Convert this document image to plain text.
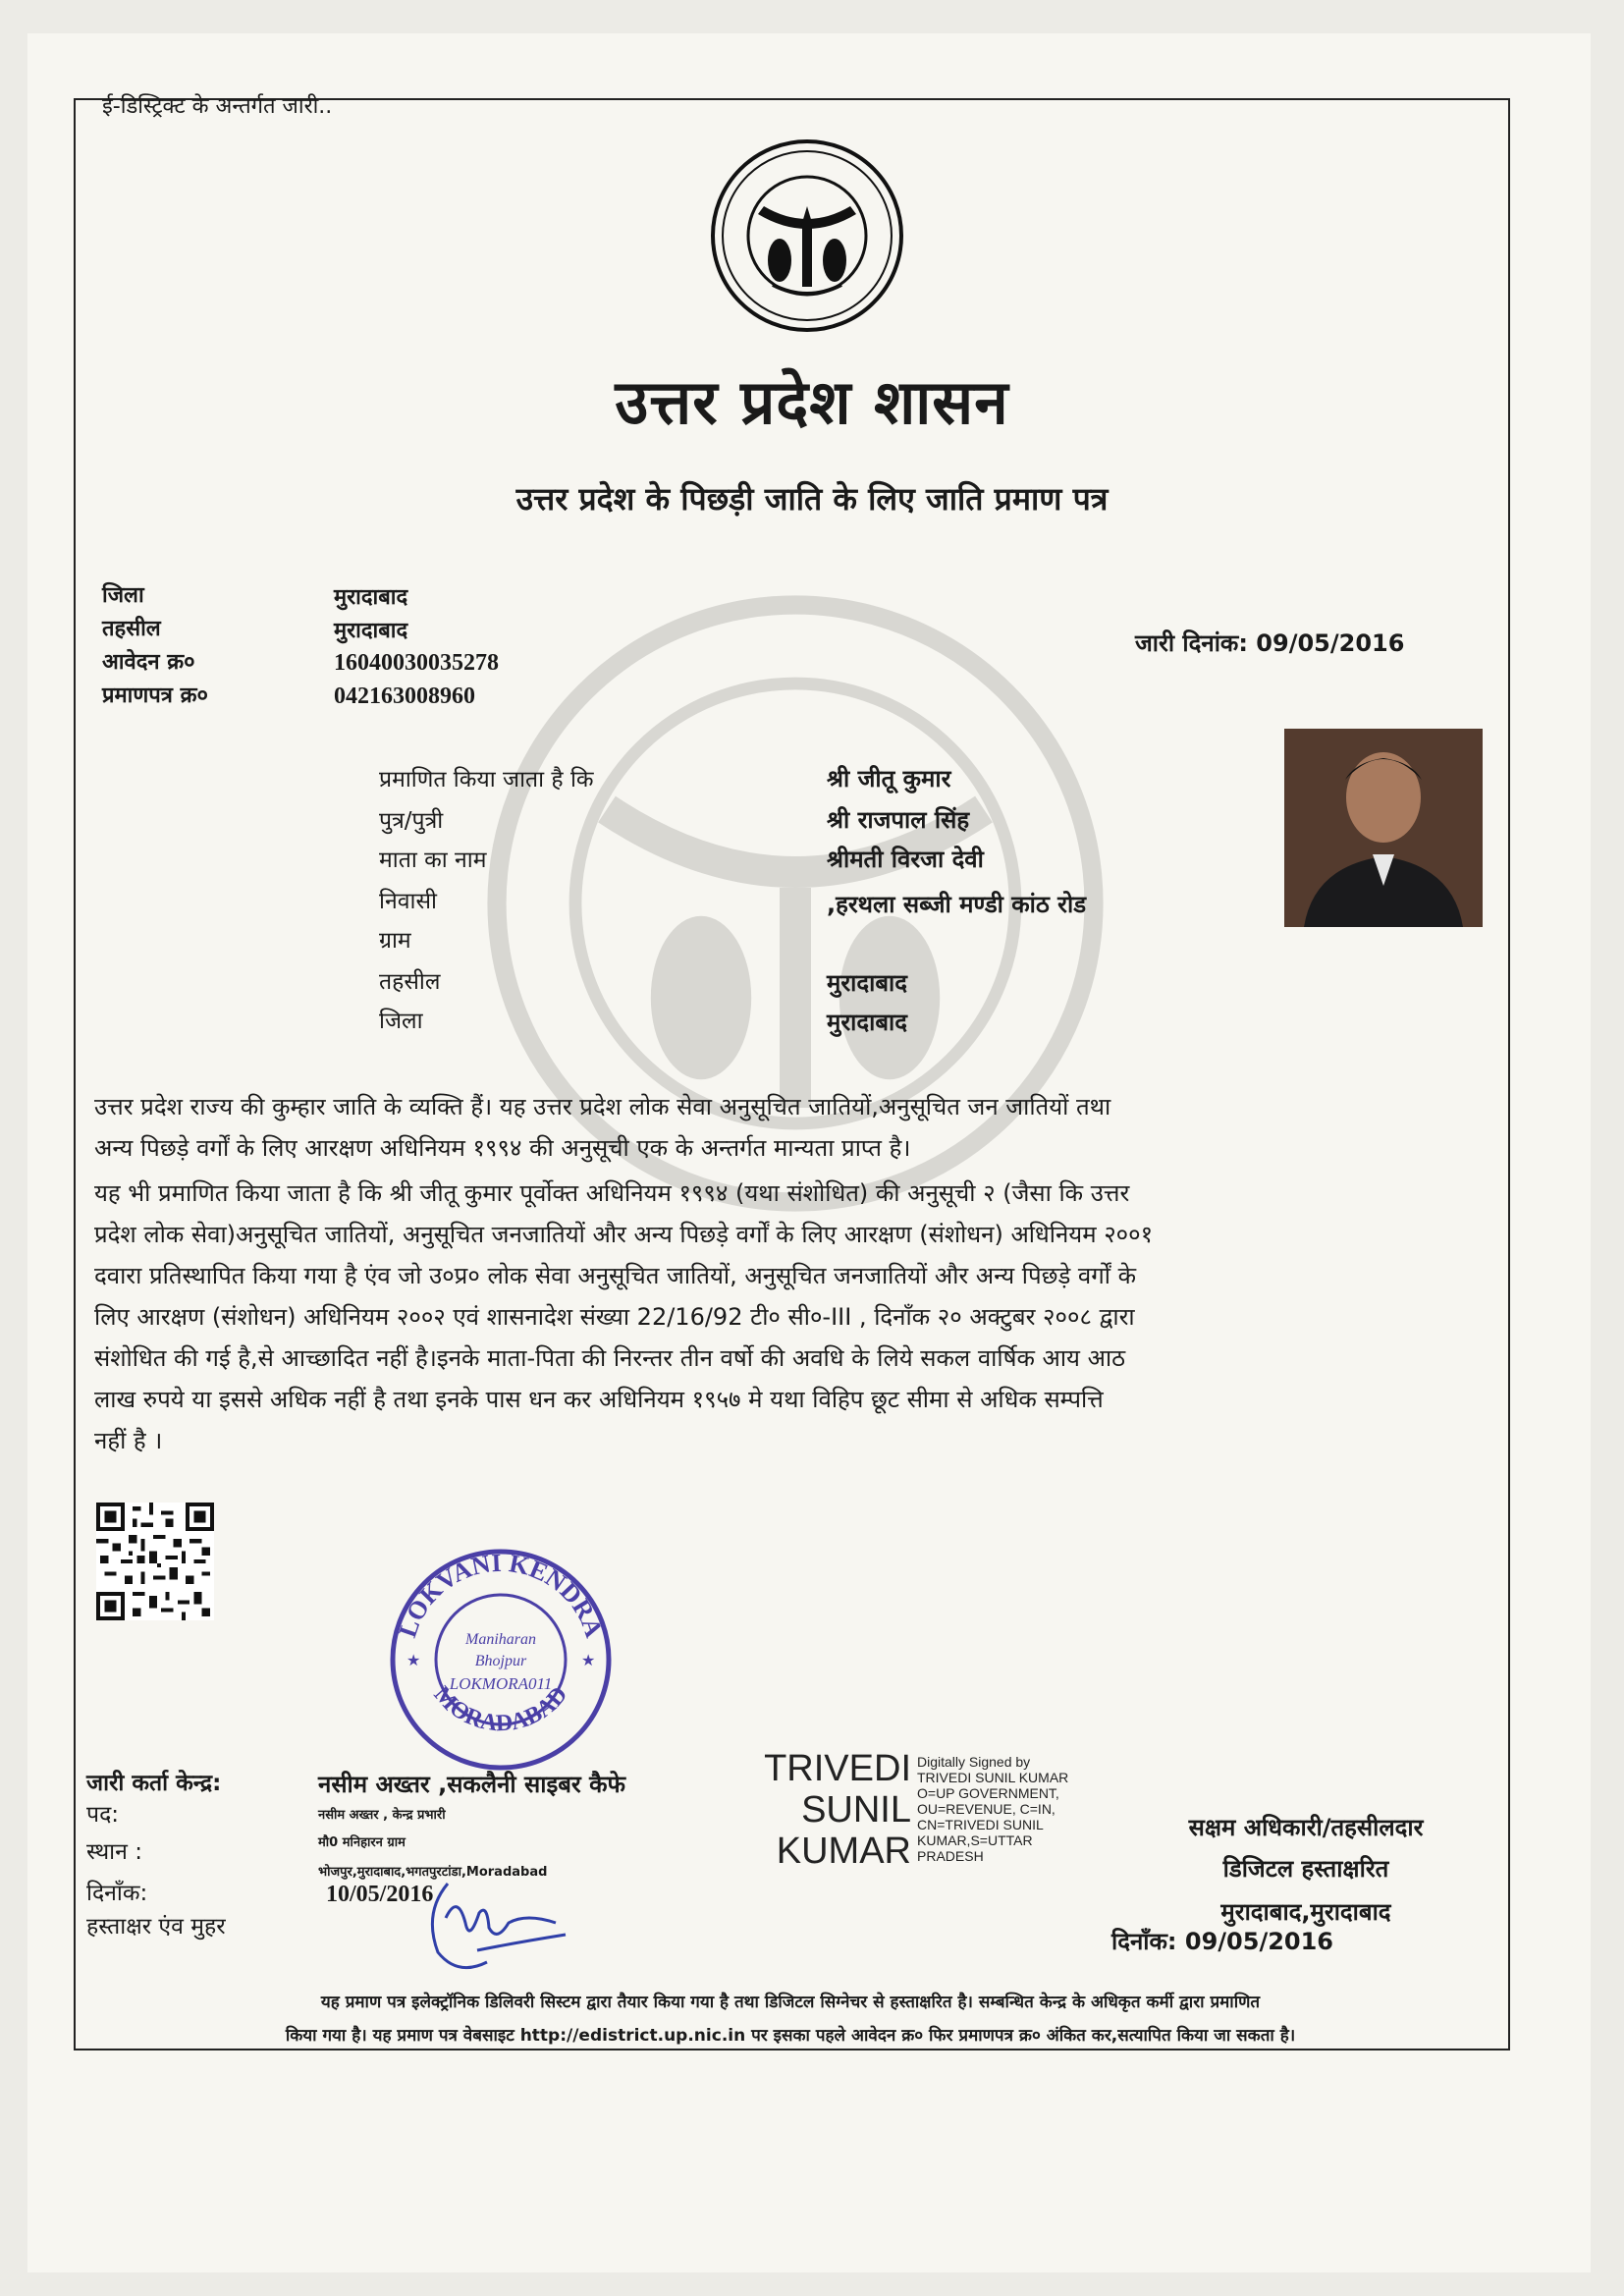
ई-डिस्ट्रिक्ट के अन्तर्गत जारी..
उत्तर प्रदेश शासन
उत्तर प्रदेश के पिछड़ी जाति के लिए जाति प्रमाण पत्र
जिला	मुरादाबाद
तहसील	मुरादाबाद
आवेदन क्र०	16040030035278
प्रमाणपत्र क्र०	042163008960
जारी दिनांक: 09/05/2016
प्रमाणित किया जाता है कि	श्री जीतू कुमार
पुत्र/पुत्री	श्री राजपाल सिंह
माता का नाम	श्रीमती विरजा देवी
निवासी	,हरथला सब्जी मण्डी कांठ रोड
ग्राम
तहसील	मुरादाबाद
जिला	मुरादाबाद
उत्तर प्रदेश राज्य की कुम्हार जाति के व्यक्ति हैं। यह उत्तर प्रदेश लोक सेवा अनुसूचित जातियों,अनुसूचित जन जातियों तथा
अन्य पिछड़े वर्गों के लिए आरक्षण अधिनियम १९९४ की अनुसूची एक के अन्तर्गत मान्यता प्राप्त है।
यह भी प्रमाणित किया जाता है कि श्री जीतू कुमार पूर्वोक्त अधिनियम १९९४ (यथा संशोधित) की अनुसूची २ (जैसा कि उत्तर
प्रदेश लोक सेवा)अनुसूचित जातियों, अनुसूचित जनजातियों और अन्य पिछड़े वर्गों के लिए आरक्षण (संशोधन) अधिनियम २००१
दवारा प्रतिस्थापित किया गया है एंव जो उ०प्र० लोक सेवा अनुसूचित जातियों, अनुसूचित जनजातियों और अन्य पिछड़े वर्गों के
लिए आरक्षण (संशोधन) अधिनियम २००२ एवं शासनादेश संख्या 22/16/92 टी० सी०-III , दिनाँक २० अक्टुबर २००८ द्वारा
संशोधित की गई है,से आच्छादित नहीं है।इनके माता-पिता की निरन्तर तीन वर्षो की अवधि के लिये सकल वार्षिक आय आठ
लाख रुपये या इससे अधिक नहीं है तथा इनके पास धन कर अधिनियम १९५७ मे यथा विहिप छूट सीमा से अधिक सम्पत्ति
नहीं है ।
LOKVANI KENDRA
MORADABAD
Maniharan
Bhojpur
LOKMORA011
★	★
जारी कर्ता केन्द्र:	नसीम अख्तर ,सकलैनी साइबर कैफे
पद:	नसीम अख्तर , केन्द्र प्रभारी
स्थान :	मौ0 मनिहारन ग्राम
भोजपुर,मुरादाबाद,भगतपुरटांडा,Moradabad
दिनाँक:	10/05/2016
हस्ताक्षर एंव मुहर
TRIVEDI
SUNIL
KUMAR
Digitally Signed by
TRIVEDI SUNIL KUMAR
O=UP GOVERNMENT,
OU=REVENUE, C=IN,
CN=TRIVEDI SUNIL
KUMAR,S=UTTAR
PRADESH
सक्षम अधिकारी/तहसीलदार
डिजिटल हस्ताक्षरित
मुरादाबाद,मुरादाबाद
दिनाँक: 09/05/2016
यह प्रमाण पत्र इलेक्ट्रॉनिक डिलिवरी सिस्टम द्वारा तैयार किया गया है तथा डिजिटल सिग्नेचर से हस्ताक्षरित है। सम्बन्धित केन्द्र के अधिकृत कर्मी द्वारा प्रमाणित
किया गया है। यह प्रमाण पत्र वेबसाइट http://edistrict.up.nic.in पर इसका पहले आवेदन क्र० फिर प्रमाणपत्र क्र० अंकित कर,सत्यापित किया जा सकता है।
